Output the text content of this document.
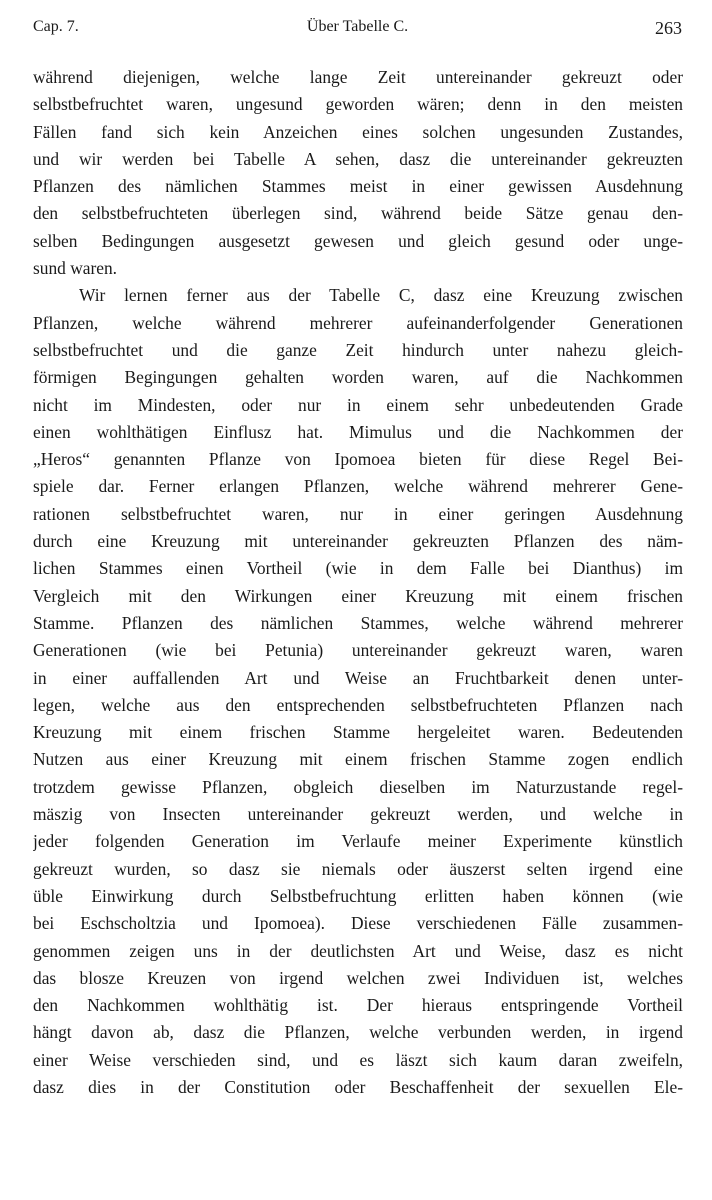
Cap. 7.	Über Tabelle C.	263
während diejenigen, welche lange Zeit untereinander gekreuzt oder
selbstbefruchtet waren, ungesund geworden wären; denn in den meisten
Fällen fand sich kein Anzeichen eines solchen ungesunden Zustandes,
und wir werden bei Tabelle A sehen, dasz die untereinander gekreuzten
Pflanzen des nämlichen Stammes meist in einer gewissen Ausdehnung
den selbstbefruchteten überlegen sind, während beide Sätze genau den-
selben Bedingungen ausgesetzt gewesen und gleich gesund oder unge-
sund waren.
Wir lernen ferner aus der Tabelle C, dasz eine Kreuzung zwischen
Pflanzen, welche während mehrerer aufeinanderfolgender Generationen
selbstbefruchtet und die ganze Zeit hindurch unter nahezu gleich-
förmigen Begingungen gehalten worden waren, auf die Nachkommen
nicht im Mindesten, oder nur in einem sehr unbedeutenden Grade
einen wohlthätigen Einflusz hat. Mimulus und die Nachkommen der
„Heros“ genannten Pflanze von Ipomoea bieten für diese Regel Bei-
spiele dar. Ferner erlangen Pflanzen, welche während mehrerer Gene-
rationen selbstbefruchtet waren, nur in einer geringen Ausdehnung
durch eine Kreuzung mit untereinander gekreuzten Pflanzen des näm-
lichen Stammes einen Vortheil (wie in dem Falle bei Dianthus) im
Vergleich mit den Wirkungen einer Kreuzung mit einem frischen
Stamme. Pflanzen des nämlichen Stammes, welche während mehrerer
Generationen (wie bei Petunia) untereinander gekreuzt waren, waren
in einer auffallenden Art und Weise an Fruchtbarkeit denen unter-
legen, welche aus den entsprechenden selbstbefruchteten Pflanzen nach
Kreuzung mit einem frischen Stamme hergeleitet waren. Bedeutenden
Nutzen aus einer Kreuzung mit einem frischen Stamme zogen endlich
trotzdem gewisse Pflanzen, obgleich dieselben im Naturzustande regel-
mäszig von Insecten untereinander gekreuzt werden, und welche in
jeder folgenden Generation im Verlaufe meiner Experimente künstlich
gekreuzt wurden, so dasz sie niemals oder äuszerst selten irgend eine
üble Einwirkung durch Selbstbefruchtung erlitten haben können (wie
bei Eschscholtzia und Ipomoea). Diese verschiedenen Fälle zusammen-
genommen zeigen uns in der deutlichsten Art und Weise, dasz es nicht
das blosze Kreuzen von irgend welchen zwei Individuen ist, welches
den Nachkommen wohlthätig ist. Der hieraus entspringende Vortheil
hängt davon ab, dasz die Pflanzen, welche verbunden werden, in irgend
einer Weise verschieden sind, und es läszt sich kaum daran zweifeln,
dasz dies in der Constitution oder Beschaffenheit der sexuellen Ele-
